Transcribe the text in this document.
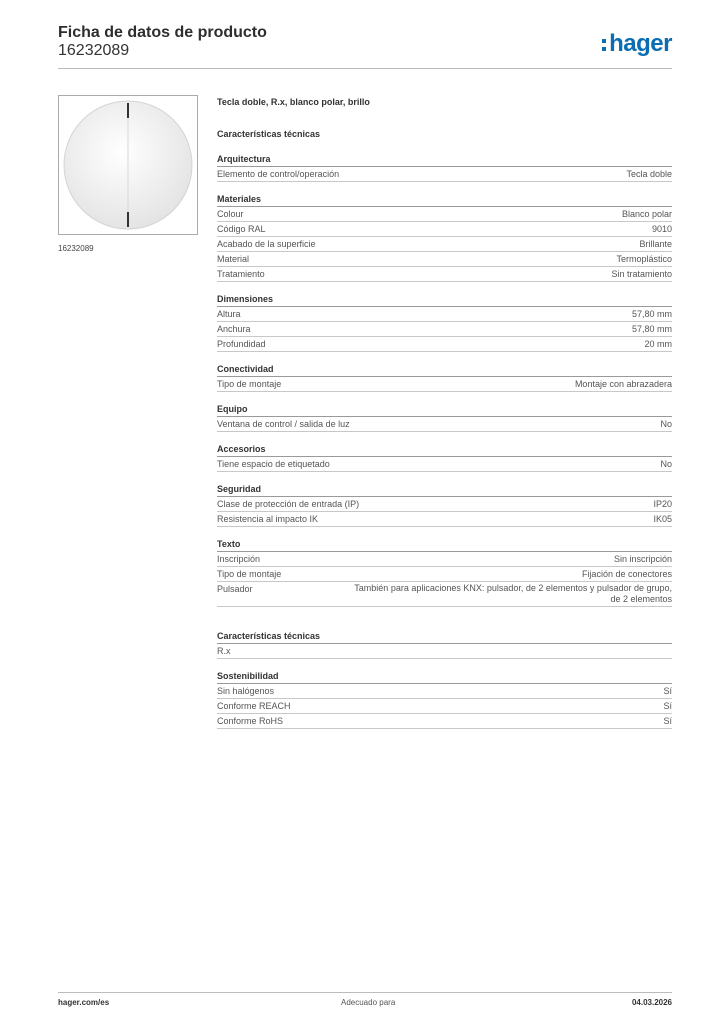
Ficha de datos de producto
16232089	hager
16232089
Tecla doble, R.x, blanco polar, brillo
Características técnicas
Arquitectura
Elemento de control/operación	Tecla doble
Materiales
Colour	Blanco polar
Código RAL	9010
Acabado de la superficie	Brillante
Material	Termoplástico
Tratamiento	Sin tratamiento
Dimensiones
Altura	57,80 mm
Anchura	57,80 mm
Profundidad	20 mm
Conectividad
Tipo de montaje	Montaje con abrazadera
Equipo
Ventana de control / salida de luz	No
Accesorios
Tiene espacio de etiquetado	No
Seguridad
Clase de protección de entrada (IP)	IP20
Resistencia al impacto IK	IK05
Texto
Inscripción	Sin inscripción
Tipo de montaje	Fijación de conectores
Pulsador	También para aplicaciones KNX: pulsador, de 2 elementos y pulsador de grupo, de 2 elementos
Características técnicas
R.x
Sostenibilidad
Sin halógenos	Sí
Conforme REACH	Sí
Conforme RoHS	Sí
hager.com/es	Adecuado para	04.03.2026
